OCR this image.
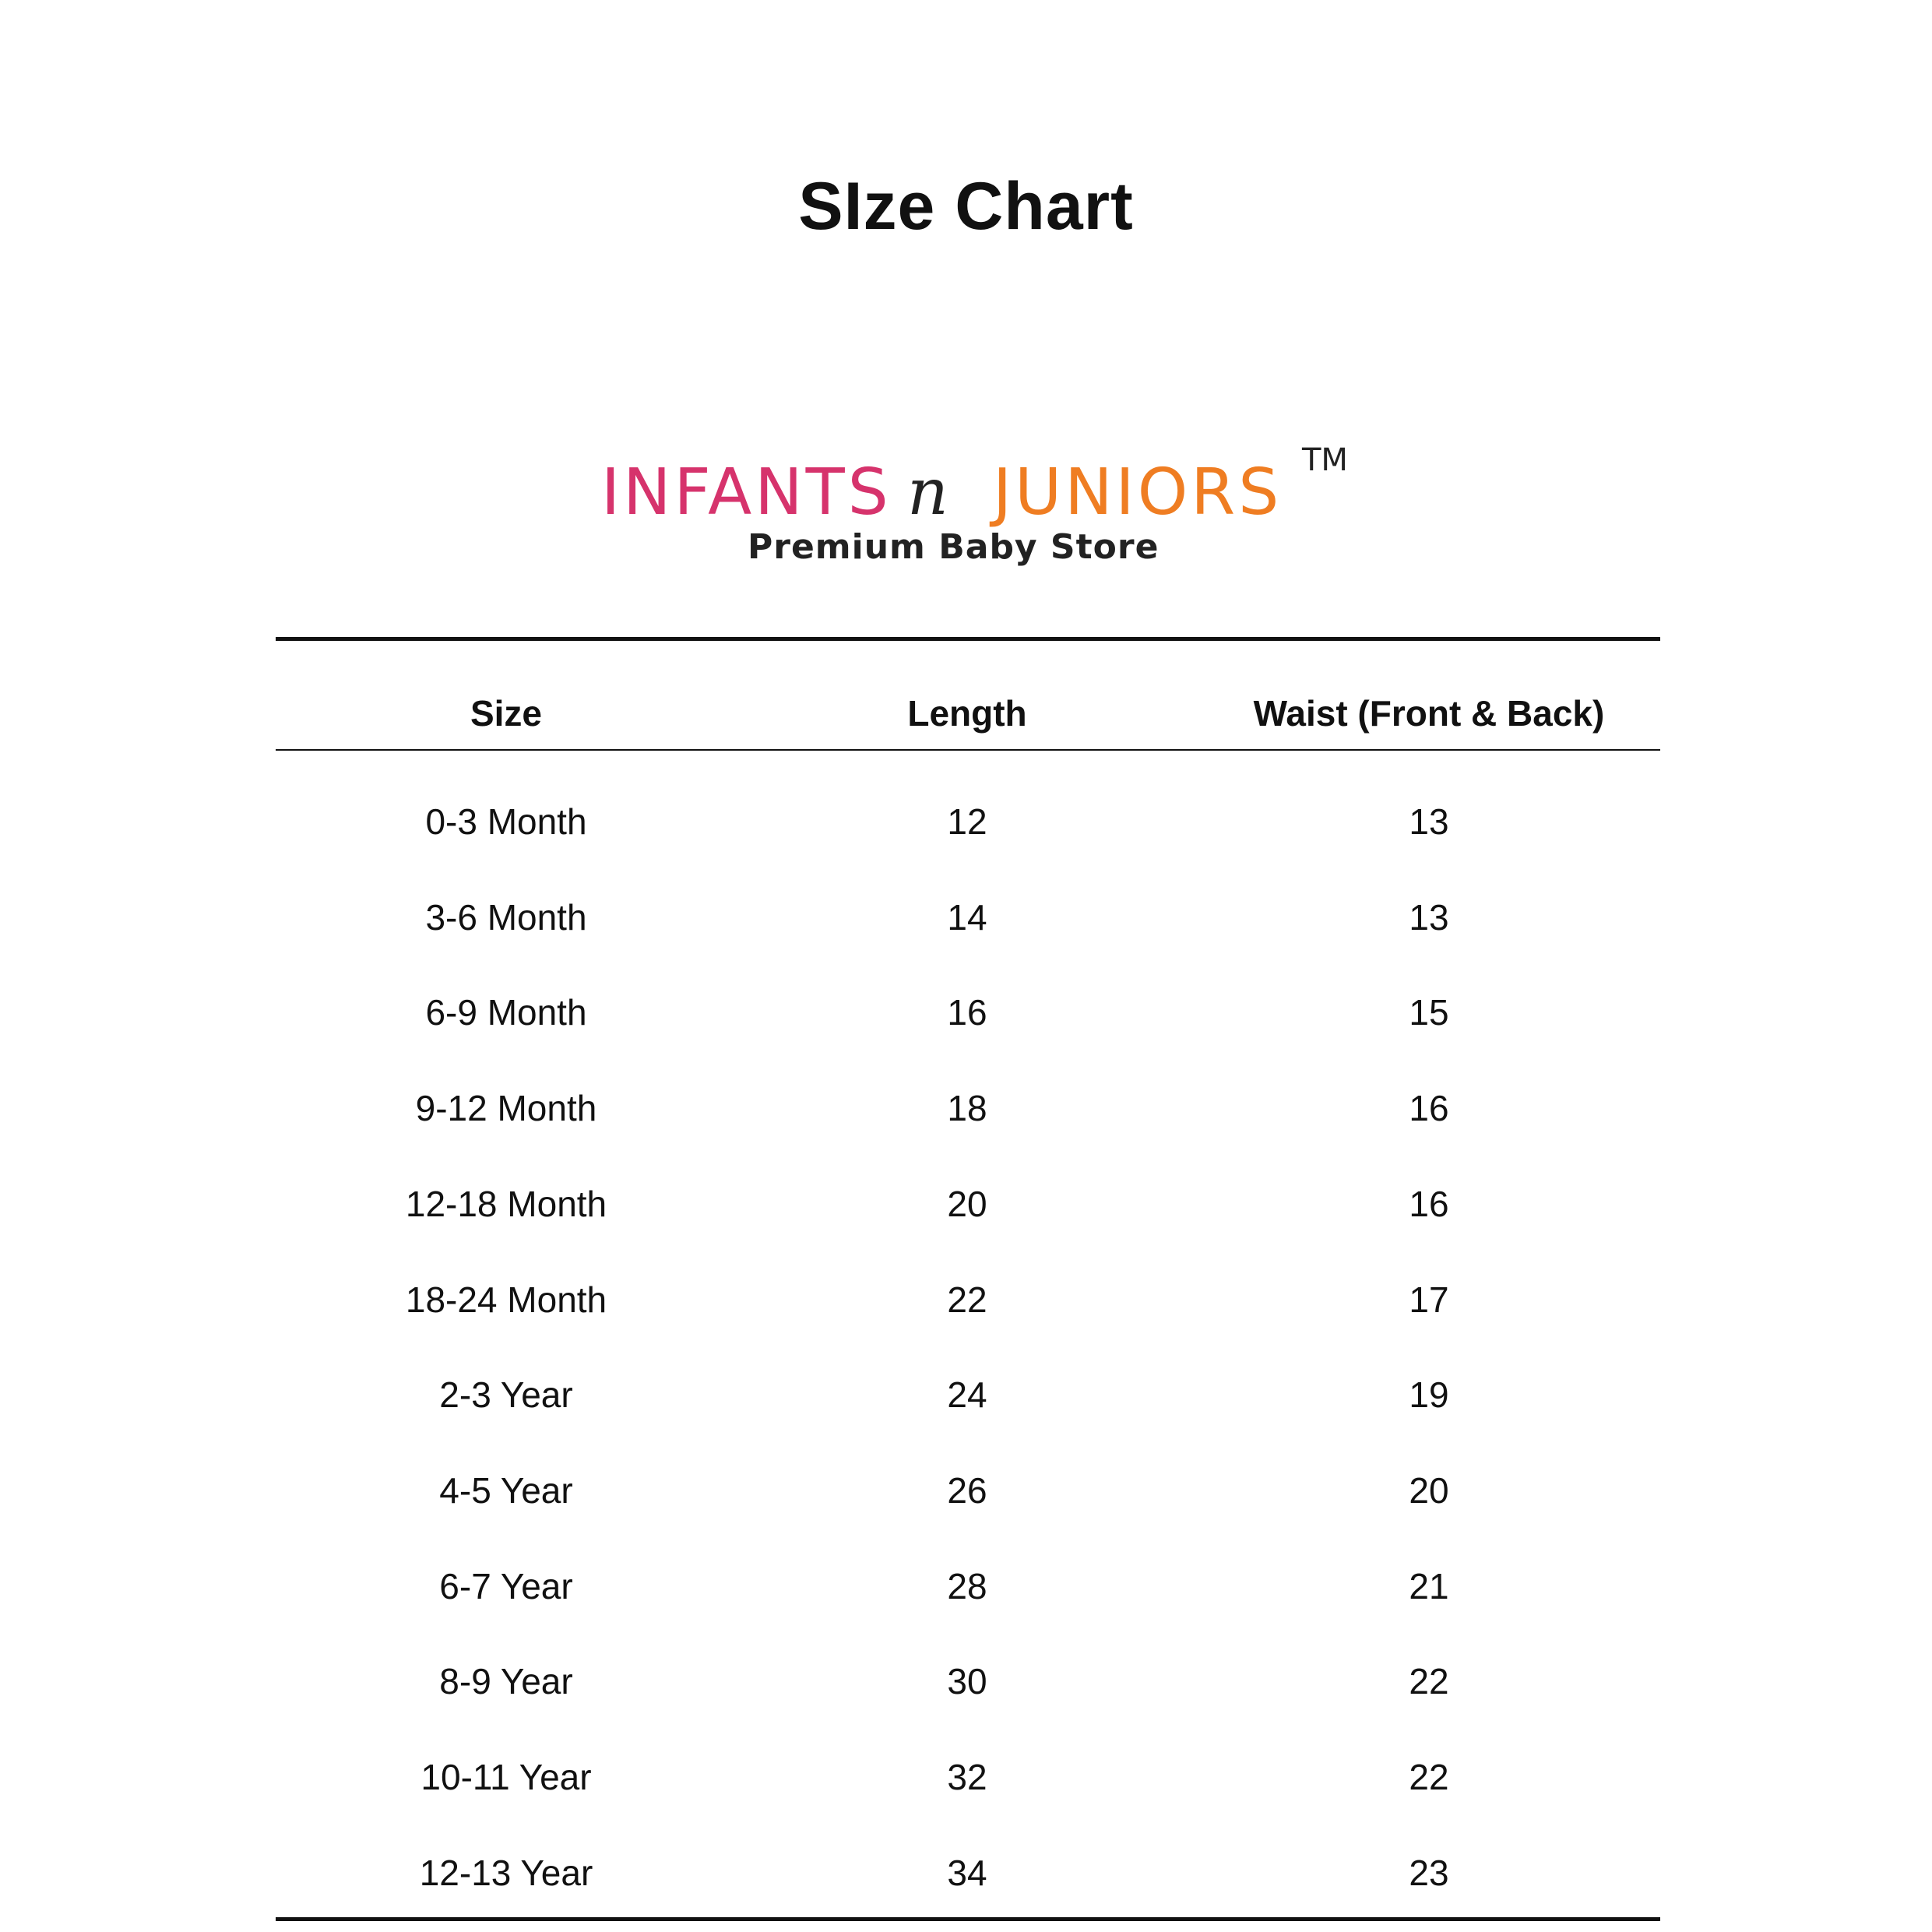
SIze Chart
INFANTS n JUNIORS TM
Premium Baby Store
Size	Length	Waist (Front & Back)
0-3 Month	12	13
3-6 Month	14	13
6-9 Month	16	15
9-12 Month	18	16
12-18 Month	20	16
18-24 Month	22	17
2-3 Year	24	19
4-5 Year	26	20
6-7 Year	28	21
8-9 Year	30	22
10-11 Year	32	22
12-13 Year	34	23
